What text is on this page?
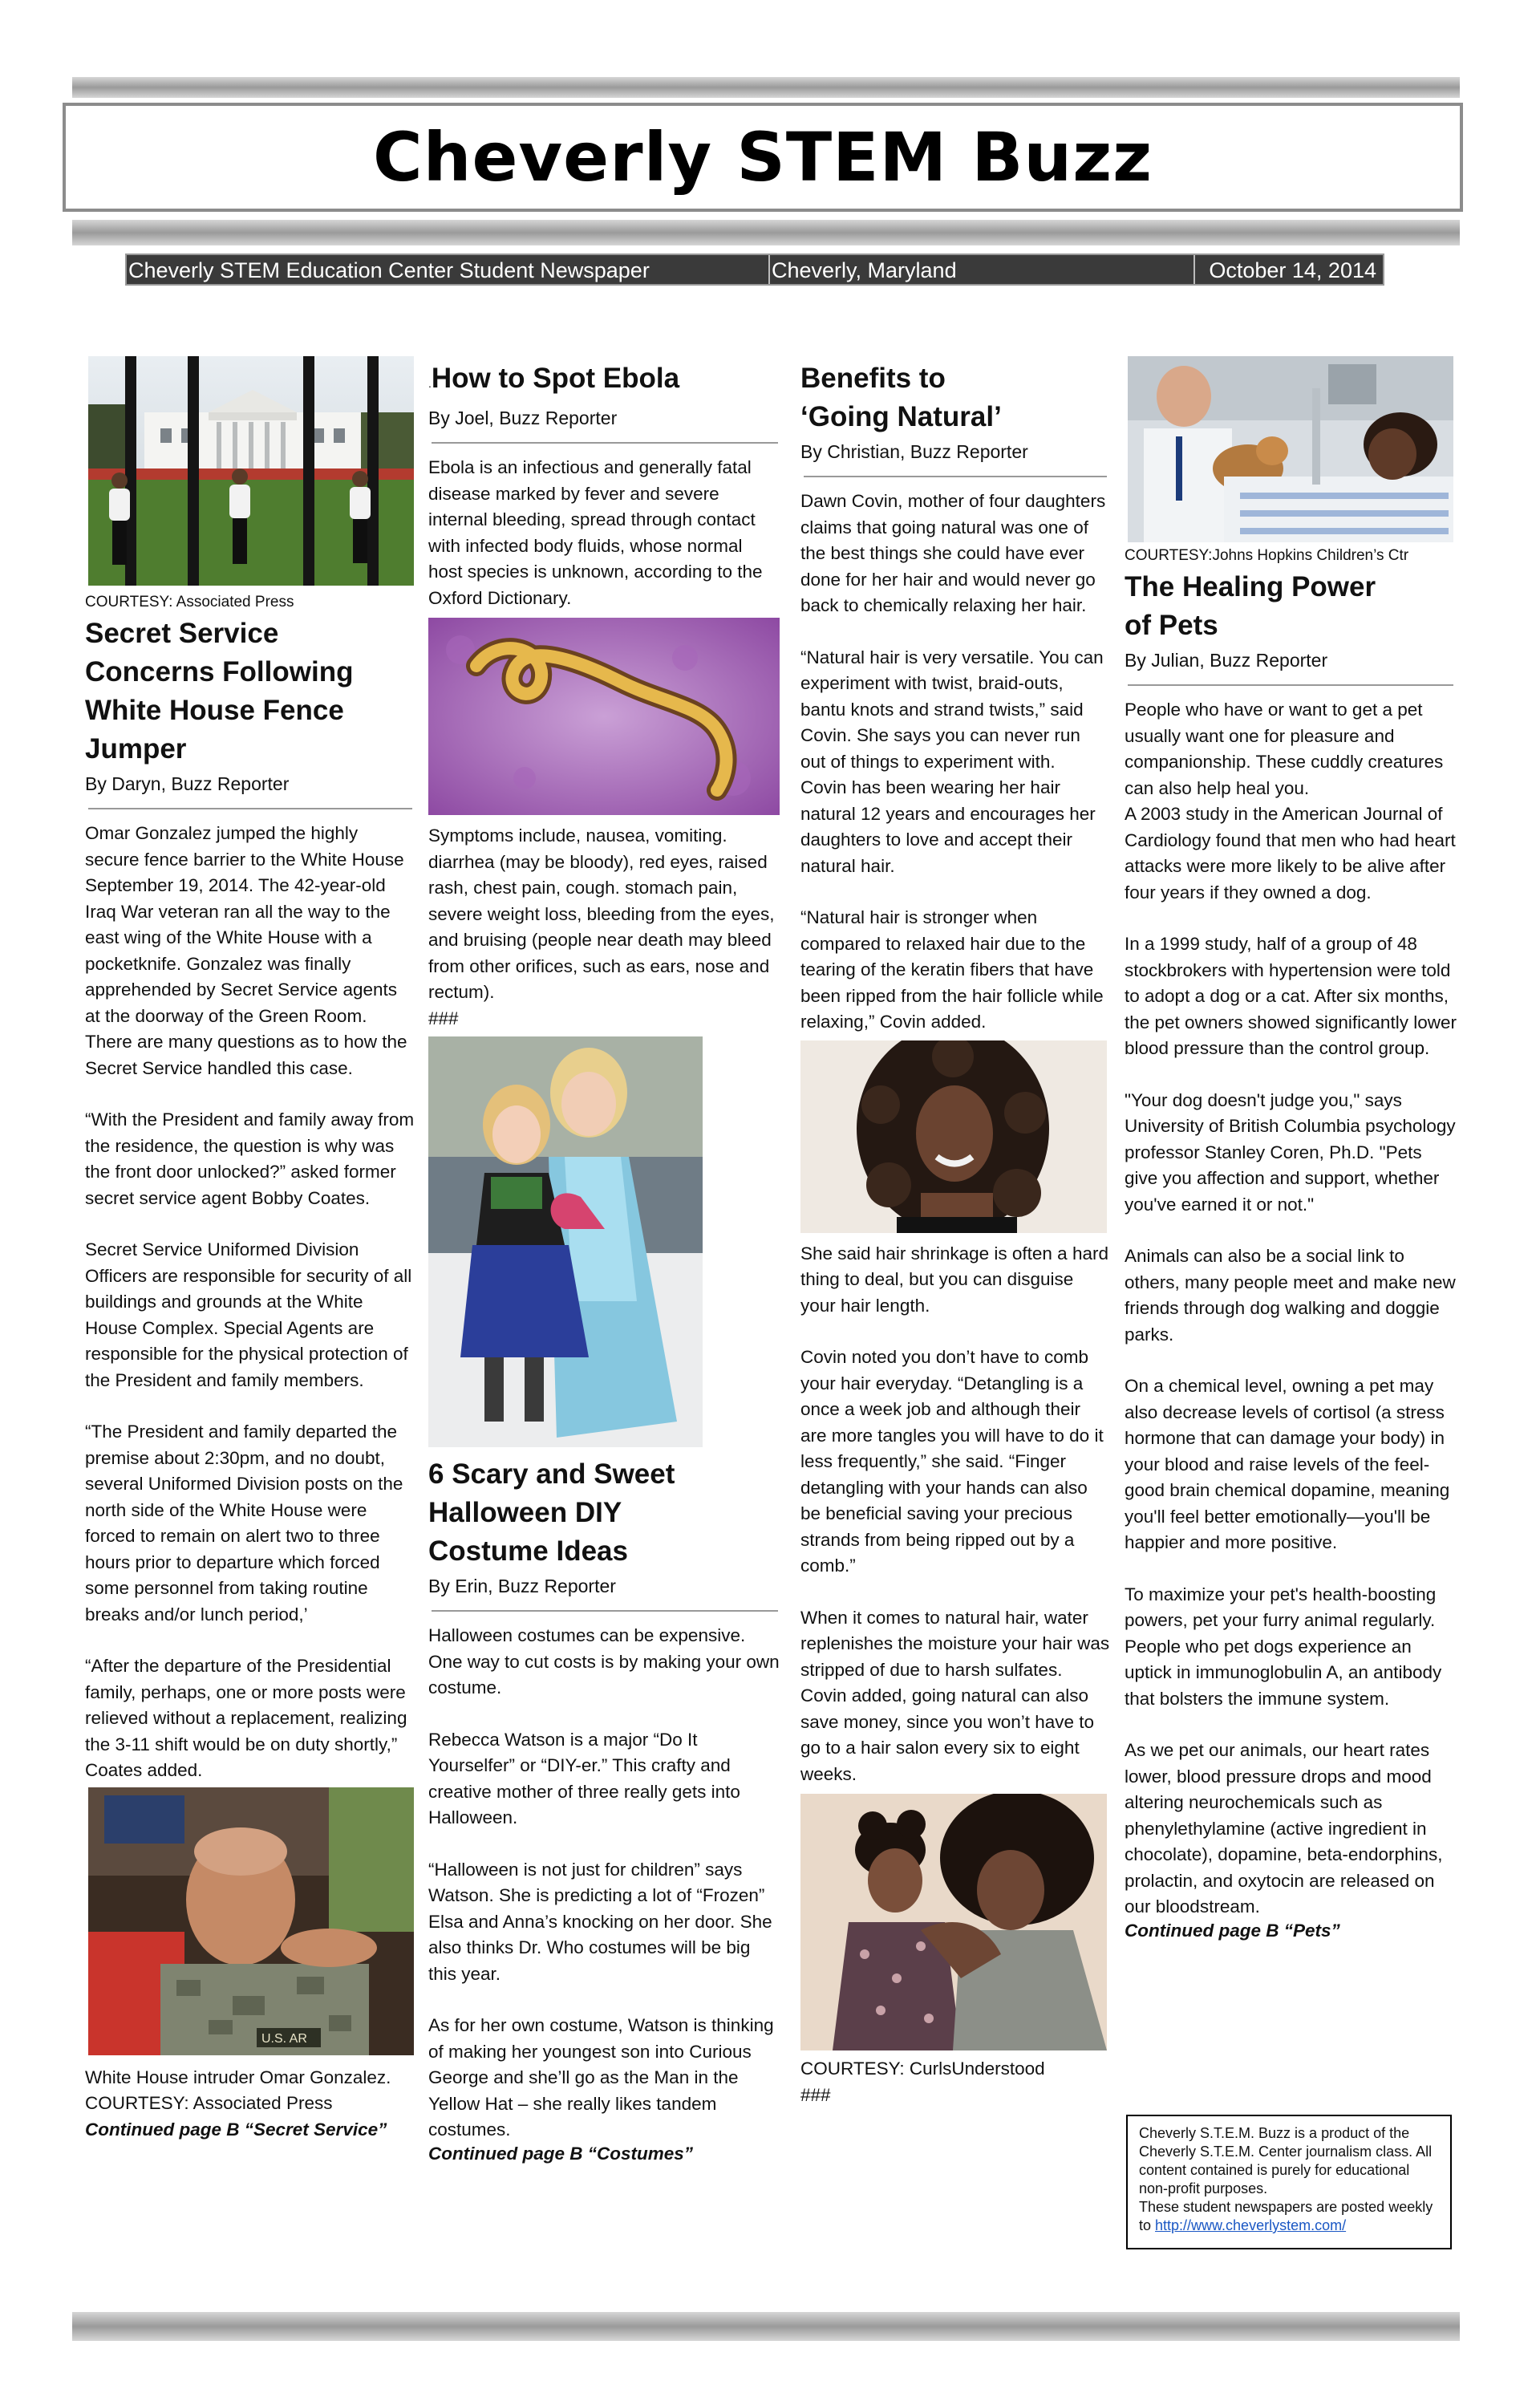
Cheverly STEM Buzz
Cheverly STEM Education Center Student Newspaper	Cheverly, Maryland	October 14, 2014
COURTESY: Associated Press
Secret Service
Concerns Following
White House Fence
Jumper
By Daryn, Buzz Reporter

Omar Gonzalez jumped the highly secure fence barrier to the White House September 19, 2014. The 42-year-old Iraq War veteran ran all the way to the east wing of the White House with a pocketknife. Gonzalez was finally apprehended by Secret Service agents at the doorway of the Green Room. There are many questions as to how the Secret Service handled this case.

“With the President and family away from the residence, the question is why was the front door unlocked?” asked former secret service agent Bobby Coates.

Secret Service Uniformed Division Officers are responsible for security of all buildings and grounds at the White House Complex. Special Agents are responsible for the physical protection of the President and family members.

“The President and family departed the premise about 2:30pm, and no doubt, several Uniformed Division posts on the north side of the White House were forced to remain on alert two to three hours prior to departure which forced some personnel from taking routine breaks and/or lunch period,’

“After the departure of the Presidential family, perhaps, one or more posts were relieved without a replacement, realizing the 3-11 shift would be on duty shortly,” Coates added.

U.S. AR
White House intruder Omar Gonzalez.
COURTESY: Associated Press
Continued page B “Secret Service”
.How to Spot Ebola
By Joel, Buzz Reporter

Ebola is an infectious and generally fatal disease marked by fever and severe internal bleeding, spread through contact with infected body fluids, whose normal host species is unknown, according to the Oxford Dictionary.

Symptoms include, nausea, vomiting. diarrhea (may be bloody), red eyes, raised rash, chest pain, cough. stomach pain, severe weight loss, bleeding from the eyes, and bruising (people near death may bleed from other orifices, such as ears, nose and rectum).

###

6 Scary and Sweet
Halloween DIY
Costume Ideas
By Erin, Buzz Reporter

Halloween costumes can be expensive. One way to cut costs is by making your own costume.

Rebecca Watson is a major “Do It Yourselfer” or “DIY-er.” This crafty and creative mother of three really gets into Halloween.

“Halloween is not just for children” says Watson. She is predicting a lot of “Frozen” Elsa and Anna’s knocking on her door. She also thinks Dr. Who costumes will be big this year.

As for her own costume, Watson is thinking of making her youngest son into Curious George and she’ll go as the Man in the Yellow Hat – she really likes tandem costumes.

Continued page B “Costumes”
Benefits to
‘Going Natural’
By Christian, Buzz Reporter

Dawn Covin, mother of four daughters claims that going natural was one of the best things she could have ever done for her hair and would never go back to chemically relaxing her hair.

“Natural hair is very versatile. You can experiment with twist, braid-outs, bantu knots and strand twists,” said Covin. She says you can never run out of things to experiment with.

Covin has been wearing her hair natural 12 years and encourages her daughters to love and accept their natural hair.

“Natural hair is stronger when compared to relaxed hair due to the tearing of the keratin fibers that have been ripped from the hair follicle while relaxing,” Covin added.

She said hair shrinkage is often a hard thing to deal, but you can disguise your hair length.

Covin noted you don’t have to comb your hair everyday. “Detangling is a once a week job and although their are more tangles you will have to do it less frequently,” she said. “Finger detangling with your hands can also be beneficial saving your precious strands from being ripped out by a comb.”

When it comes to natural hair, water replenishes the moisture your hair was stripped of due to harsh sulfates. Covin added, going natural can also save money, since you won’t have to go to a hair salon every six to eight weeks.

COURTESY: CurlsUnderstood

###

COURTESY:Johns Hopkins Children’s Ctr
The Healing Power
of Pets
By Julian, Buzz Reporter

People who have or want to get a pet usually want one for pleasure and companionship. These cuddly creatures can also help heal you.

A 2003 study in the American Journal of Cardiology found that men who had heart attacks were more likely to be alive after four years if they owned a dog.

In a 1999 study, half of a group of 48 stockbrokers with hypertension were told to adopt a dog or a cat. After six months, the pet owners showed significantly lower blood pressure than the control group.

"Your dog doesn't judge you," says University of British Columbia psychology professor Stanley Coren, Ph.D. "Pets give you affection and support, whether you've earned it or not."

Animals can also be a social link to others, many people meet and make new friends through dog walking and doggie parks.

On a chemical level, owning a pet may also decrease levels of cortisol (a stress hormone that can damage your body) in your blood and raise levels of the feel-good brain chemical dopamine, meaning you'll feel better emotionally—you'll be happier and more positive.

To maximize your pet's health-boosting powers, pet your furry animal regularly. People who pet dogs experience an uptick in immunoglobulin A, an antibody that bolsters the immune system.

As we pet our animals, our heart rates lower, blood pressure drops and mood altering neurochemicals such as phenylethylamine (active ingredient in chocolate), dopamine, beta-endorphins, prolactin, and oxytocin are released on our bloodstream.

Continued page B “Pets”
Cheverly S.T.E.M. Buzz is a product of the Cheverly S.T.E.M. Center journalism class. All content contained is purely for educational non-profit purposes.
These student newspapers are posted weekly to http://www.cheverlystem.com/
